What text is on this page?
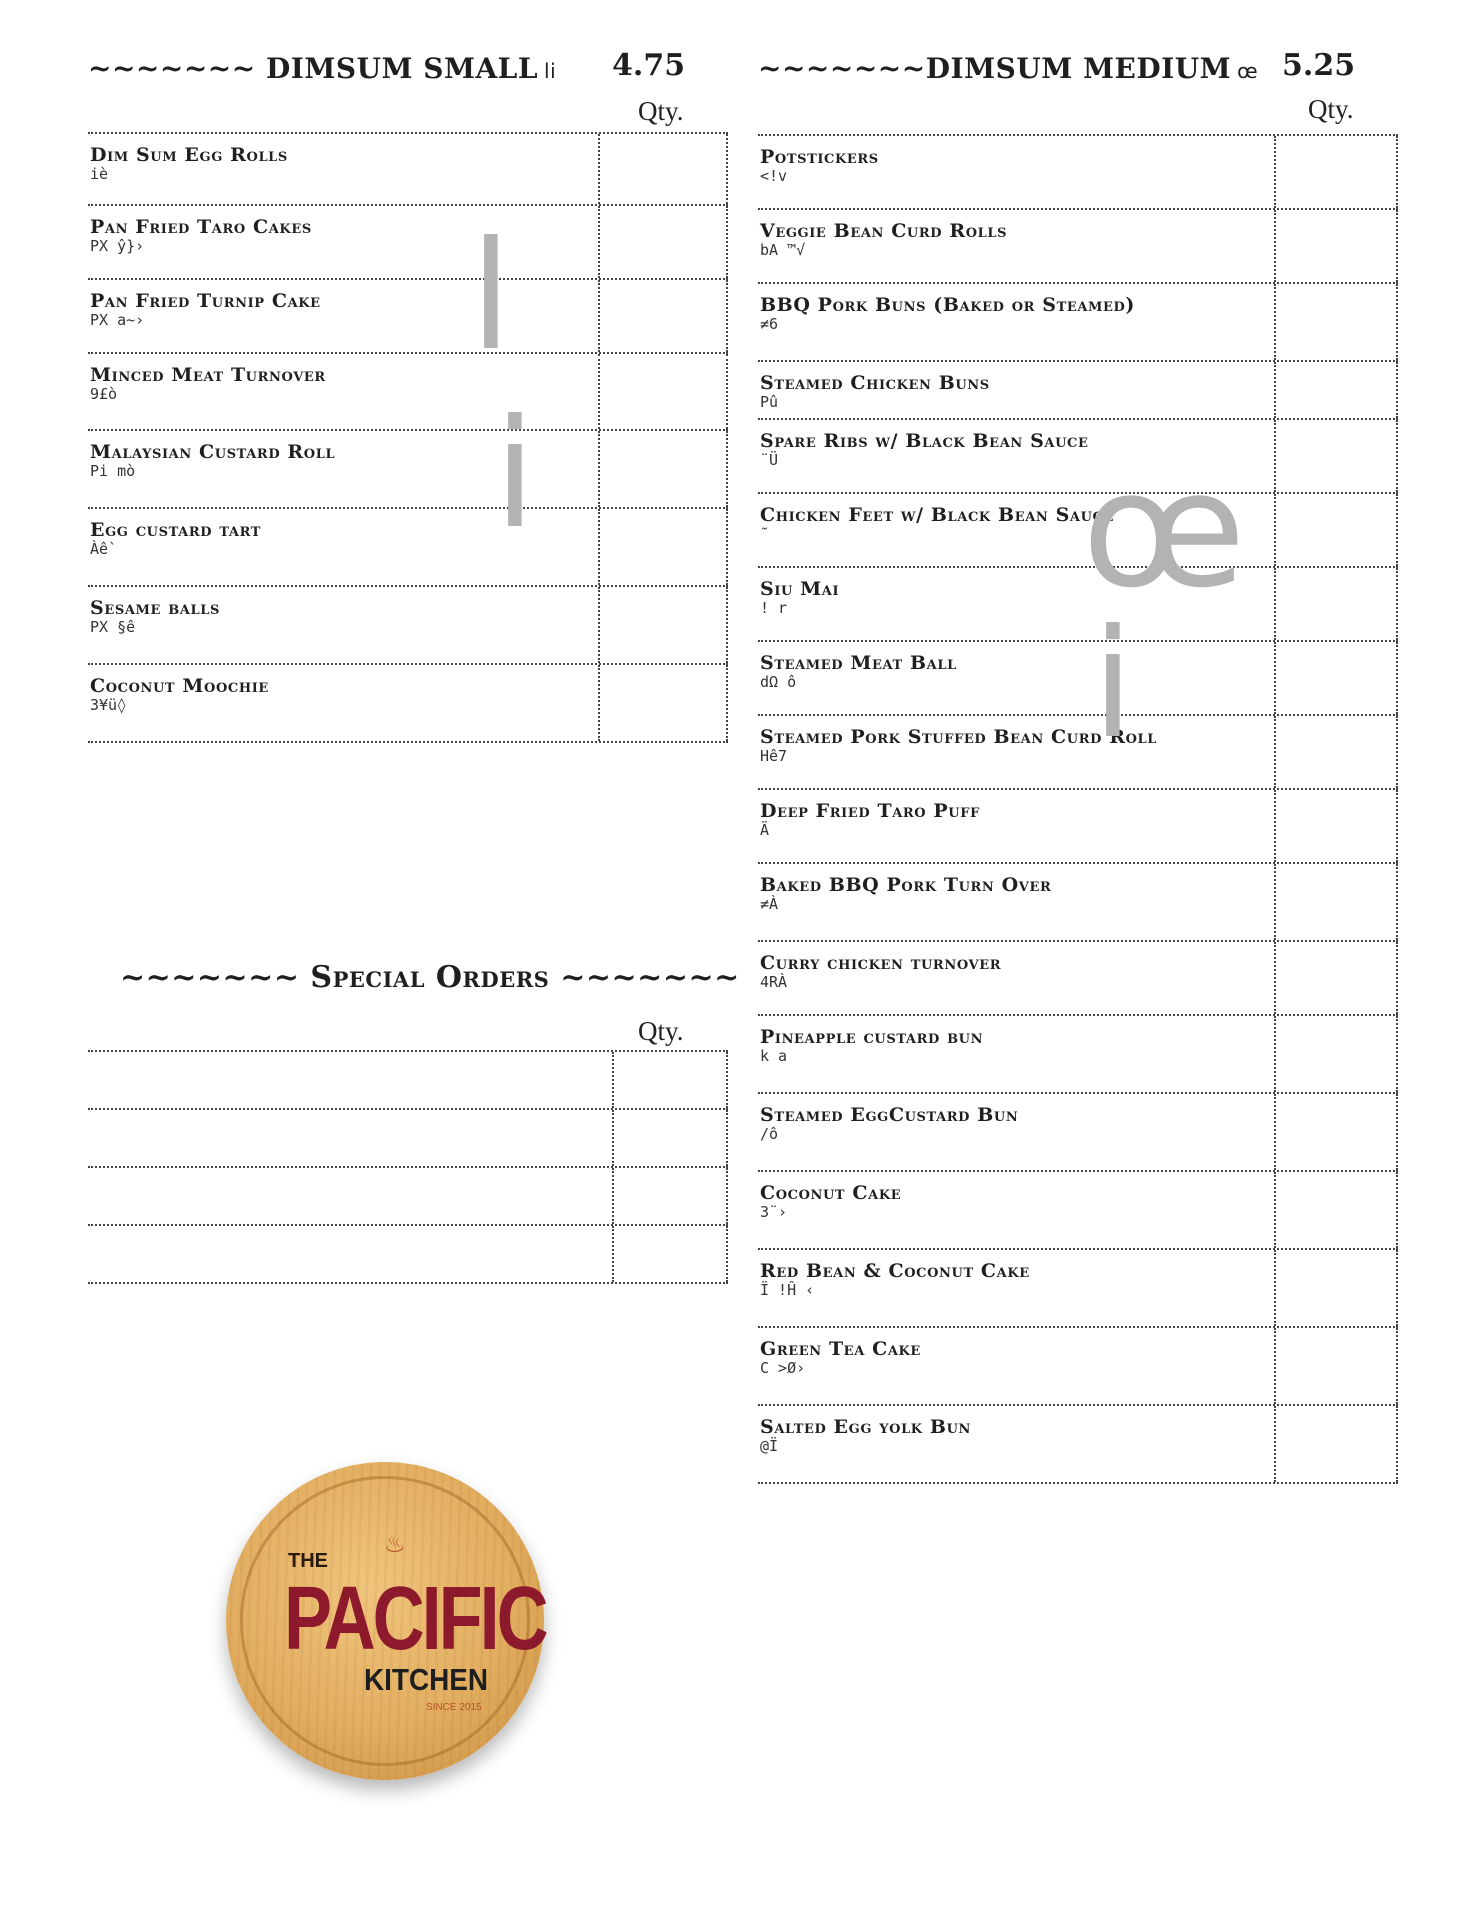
~~~~~~~ DIMSUM SMALL li 4.75
Qty.
Dim Sum Egg Rolls
iè
Pan Fried Taro Cakes
PX ŷ}›
Pan Fried Turnip Cake
PX a~›
Minced Meat Turnover
9£ò
Malaysian Custard Roll
Pi mò
Egg custard tart
Àê`
Sesame balls
PX §ê
Coconut Moochie
3¥ü◊
~~~~~~~DIMSUM MEDIUM œ 5.25
Qty.
Potstickers
<!v
Veggie Bean Curd Rolls
bA ™√
BBQ Pork Buns (Baked or Steamed)
≠6
Steamed Chicken Buns
Pû
Spare Ribs w/ Black Bean Sauce
¨Ü
Chicken Feet w/ Black Bean Sauce
˜
Siu Mai
! r
Steamed Meat Ball
dΩ ô
Steamed Pork Stuffed Bean Curd Roll
Hê7
Deep Fried Taro Puff
Ä
Baked BBQ Pork Turn Over
≠À
Curry chicken turnover
4RÀ
Pineapple custard bun
k a
Steamed EggCustard Bun
/ô
Coconut Cake
3¨›
Red Bean & Coconut Cake
Ï !Ĥ ‹
Green Tea Cake
C >Ø›
Salted Egg yolk Bun
@Ï
~~~~~~~ Special Orders ~~~~~~~
Qty.
l
i	œ
i
THE
♨
PACIFIC
KITCHEN
SINCE 2015
